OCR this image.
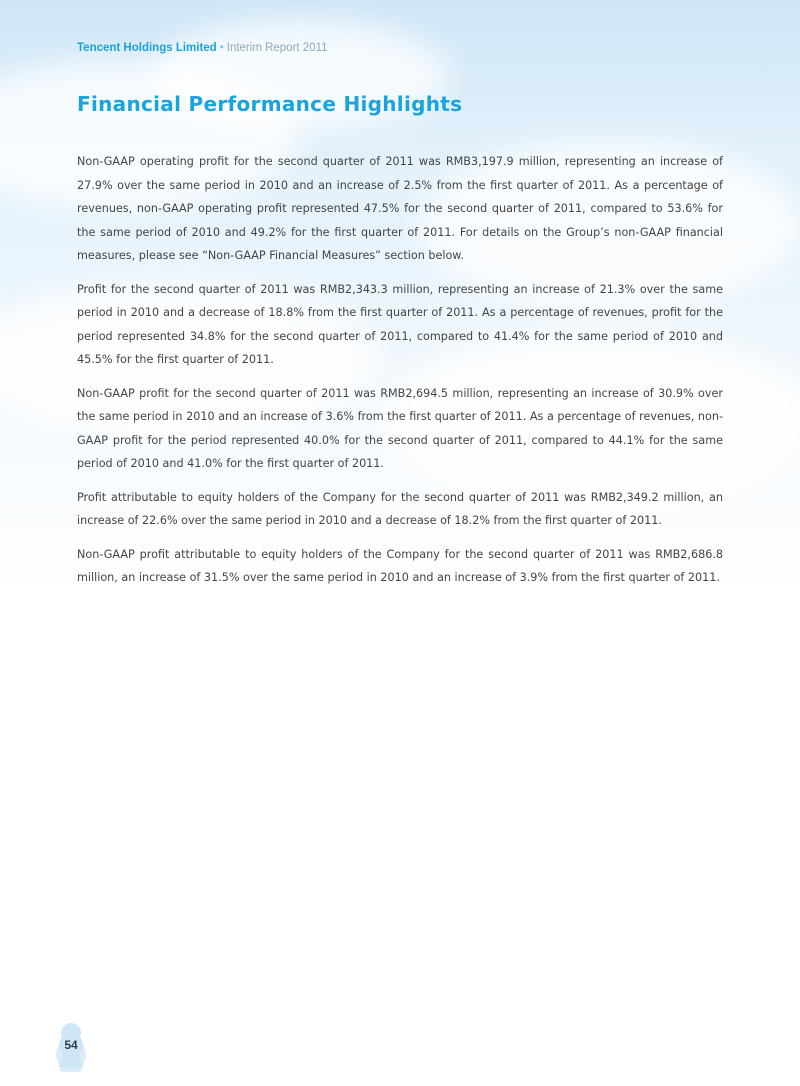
Tencent Holdings Limited • Interim Report 2011
Financial Performance Highlights

Non-GAAP operating profit for the second quarter of 2011 was RMB3,197.9 million, representing an increase of 27.9% over the same period in 2010 and an increase of 2.5% from the first quarter of 2011. As a percentage of revenues, non-GAAP operating profit represented 47.5% for the second quarter of 2011, compared to 53.6% for the same period of 2010 and 49.2% for the first quarter of 2011. For details on the Group’s non-GAAP financial measures, please see “Non-GAAP Financial Measures” section below.

Profit for the second quarter of 2011 was RMB2,343.3 million, representing an increase of 21.3% over the same period in 2010 and a decrease of 18.8% from the first quarter of 2011. As a percentage of revenues, profit for the period represented 34.8% for the second quarter of 2011, compared to 41.4% for the same period of 2010 and 45.5% for the first quarter of 2011.

Non-GAAP profit for the second quarter of 2011 was RMB2,694.5 million, representing an increase of 30.9% over the same period in 2010 and an increase of 3.6% from the first quarter of 2011. As a percentage of revenues, non-GAAP profit for the period represented 40.0% for the second quarter of 2011, compared to 44.1% for the same period of 2010 and 41.0% for the first quarter of 2011.

Profit attributable to equity holders of the Company for the second quarter of 2011 was RMB2,349.2 million, an increase of 22.6% over the same period in 2010 and a decrease of 18.2% from the first quarter of 2011.

Non-GAAP profit attributable to equity holders of the Company for the second quarter of 2011 was RMB2,686.8 million, an increase of 31.5% over the same period in 2010 and an increase of 3.9% from the first quarter of 2011.

54
